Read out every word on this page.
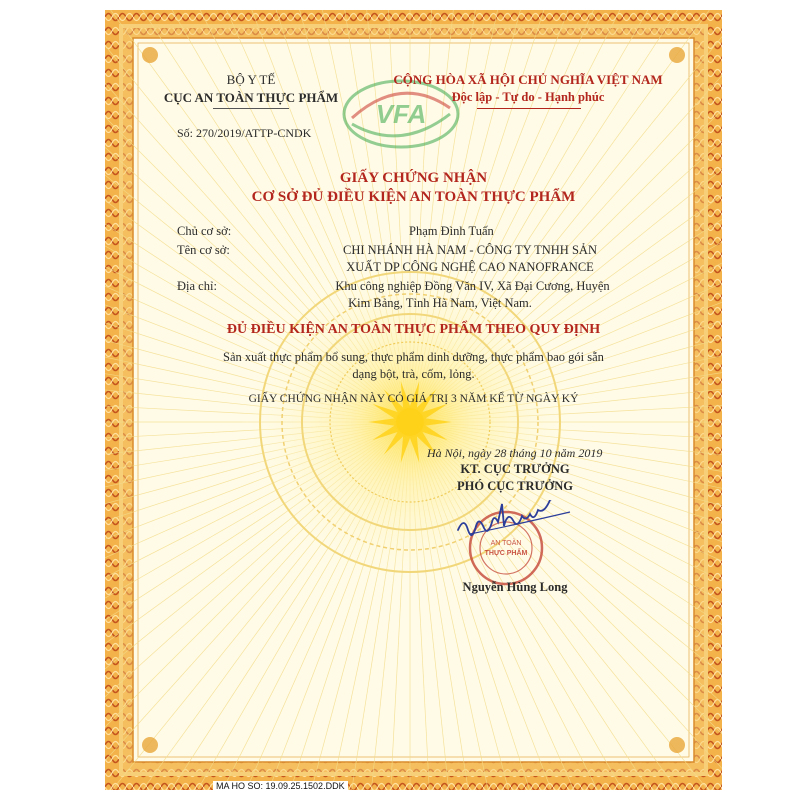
VFA
BỘ Y TẾ
CỤC AN TOÀN THỰC PHẨM
Số: 270/2019/ATTP-CNDK
CỘNG HÒA XÃ HỘI CHỦ NGHĨA VIỆT NAM
Độc lập - Tự do - Hạnh phúc
GIẤY CHỨNG NHẬN
CƠ SỞ ĐỦ ĐIỀU KIỆN AN TOÀN THỰC PHẨM
Chủ cơ sở:	Phạm Đình Tuấn
Tên cơ sở:	CHI NHÁNH HÀ NAM - CÔNG TY TNHH SẢN
XUẤT DP CÔNG NGHỆ CAO NANOFRANCE
Địa chỉ:	Khu công nghiệp Đồng Văn IV, Xã Đại Cương, Huyện
Kim Bảng, Tỉnh Hà Nam, Việt Nam.
ĐỦ ĐIỀU KIỆN AN TOÀN THỰC PHẨM THEO QUY ĐỊNH
Sản xuất thực phẩm bổ sung, thực phẩm dinh dưỡng, thực phẩm bao gói sẵn
dạng bột, trà, cốm, lỏng.
GIẤY CHỨNG NHẬN NÀY CÓ GIÁ TRỊ 3 NĂM KỂ TỪ NGÀY KÝ
Hà Nội, ngày 28 tháng 10 năm 2019
KT. CỤC TRƯỞNG
PHÓ CỤC TRƯỞNG
AN TOÀN
THỰC PHẨM
Nguyễn Hùng Long
MA HO SO: 19.09.25.1502.DDK
